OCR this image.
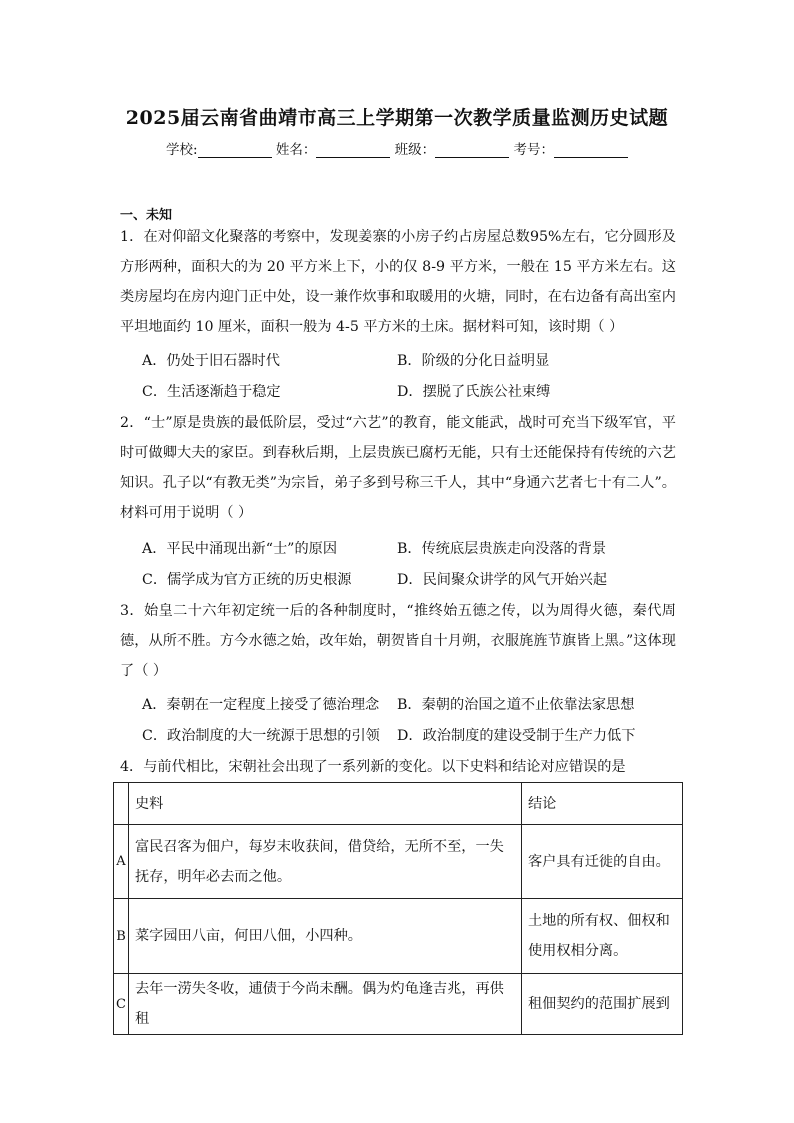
2025届云南省曲靖市高三上学期第一次教学质量监测历史试题
学校:	姓名：	班级：	考号：
一、未知
1．在对仰韶文化聚落的考察中，发现姜寨的小房子约占房屋总数95%左右，它分圆形及方形两种，面积大的为 20 平方米上下，小的仅 8-9 平方米，一般在 15 平方米左右。这类房屋均在房内迎门正中处，设一兼作炊事和取暖用的火塘，同时，在右边备有高出室内平坦地面约 10 厘米，面积一般为 4-5 平方米的土床。据材料可知，该时期（ ）
A．仍处于旧石器时代	B．阶级的分化日益明显
C．生活逐渐趋于稳定	D．摆脱了氏族公社束缚
2．“士”原是贵族的最低阶层，受过“六艺”的教育，能文能武，战时可充当下级军官，平时可做卿大夫的家臣。到春秋后期，上层贵族已腐朽无能，只有士还能保持有传统的六艺知识。孔子以“有教无类”为宗旨，弟子多到号称三千人，其中“身通六艺者七十有二人”。材料可用于说明（ ）
A．平民中涌现出新“士”的原因	B．传统底层贵族走向没落的背景
C．儒学成为官方正统的历史根源	D．民间聚众讲学的风气开始兴起
3．始皇二十六年初定统一后的各种制度时，“推终始五德之传，以为周得火德，秦代周德，从所不胜。方今水德之始，改年始，朝贺皆自十月朔，衣服旄旌节旗皆上黑。”这体现了（ ）
A．秦朝在一定程度上接受了德治理念 B．秦朝的治国之道不止依靠法家思想
C．政治制度的大一统源于思想的引领 D．政治制度的建设受制于生产力低下
4．与前代相比，宋朝社会出现了一系列新的变化。以下史料和结论对应错误的是
	史料	结论
A	富民召客为佃户，每岁末收获间，借贷给，无所不至，一失抚存，明年必去而之他。	客户具有迁徙的自由。
B	菜字园田八亩，何田八佃，小四种。	土地的所有权、佃权和使用权相分离。
C	去年一涝失冬收，逋债于今尚未酬。偶为灼龟逢吉兆，再供租	租佃契约的范围扩展到
